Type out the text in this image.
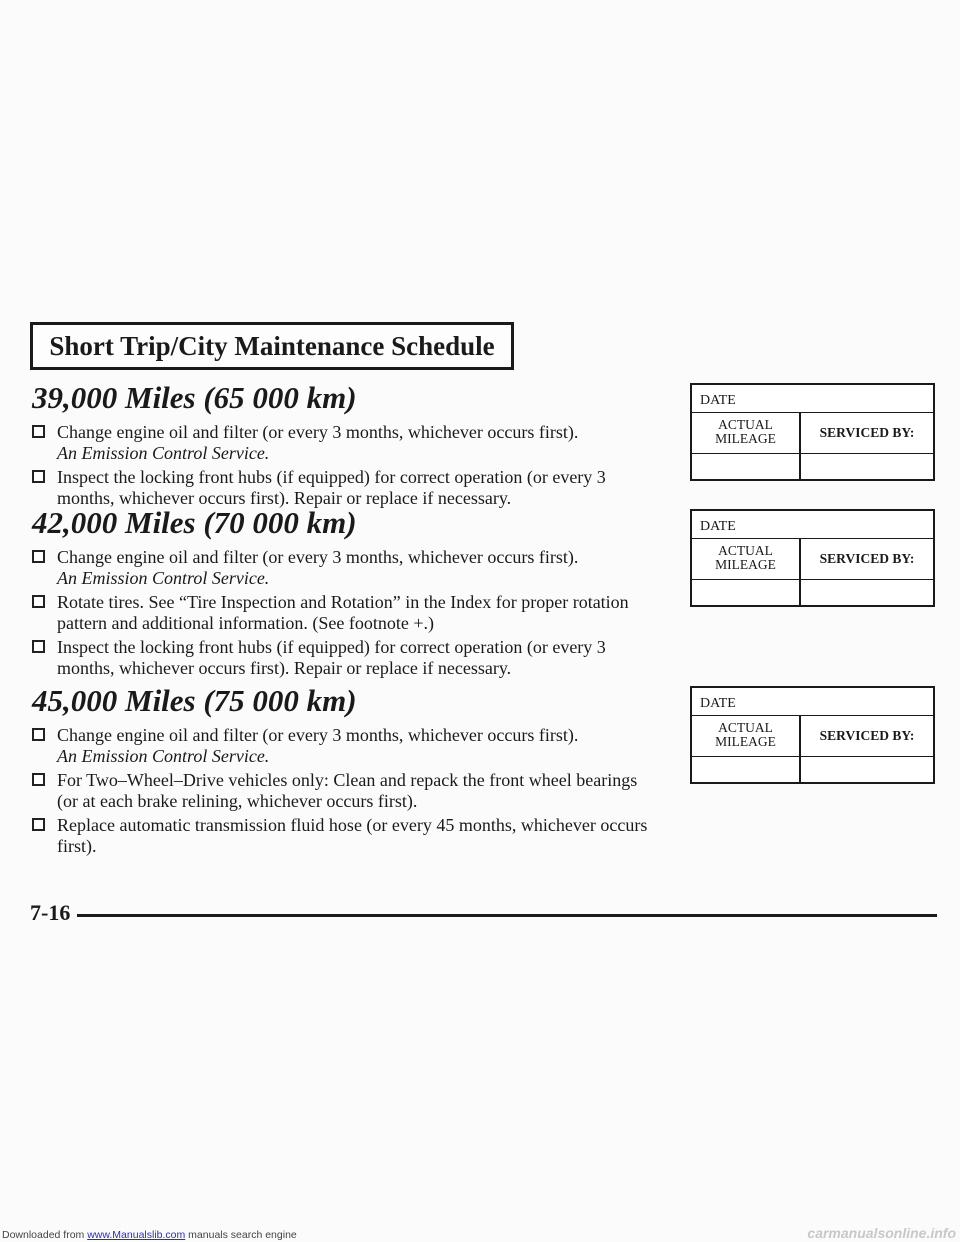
Short Trip/City Maintenance Schedule
39,000 Miles (65 000 km)
Change engine oil and filter (or every 3 months, whichever occurs first).
An Emission Control Service.
Inspect the locking front hubs (if equipped) for correct operation (or every 3 months, whichever occurs first). Repair or replace if necessary.
42,000 Miles (70 000 km)
Change engine oil and filter (or every 3 months, whichever occurs first).
An Emission Control Service.
Rotate tires. See “Tire Inspection and Rotation” in the Index for proper rotation pattern and additional information. (See footnote +.)
Inspect the locking front hubs (if equipped) for correct operation (or every 3 months, whichever occurs first). Repair or replace if necessary.
45,000 Miles (75 000 km)
Change engine oil and filter (or every 3 months, whichever occurs first).
An Emission Control Service.
For Two–Wheel–Drive vehicles only: Clean and repack the front wheel bearings (or at each brake relining, whichever occurs first).
Replace automatic transmission fluid hose (or every 45 months, whichever occurs first).
DATE
ACTUAL
MILEAGE	SERVICED BY:
DATE
ACTUAL
MILEAGE	SERVICED BY:
DATE
ACTUAL
MILEAGE	SERVICED BY:
7-16
Downloaded from www.Manualslib.com manuals search engine	carmanualsonline.info
